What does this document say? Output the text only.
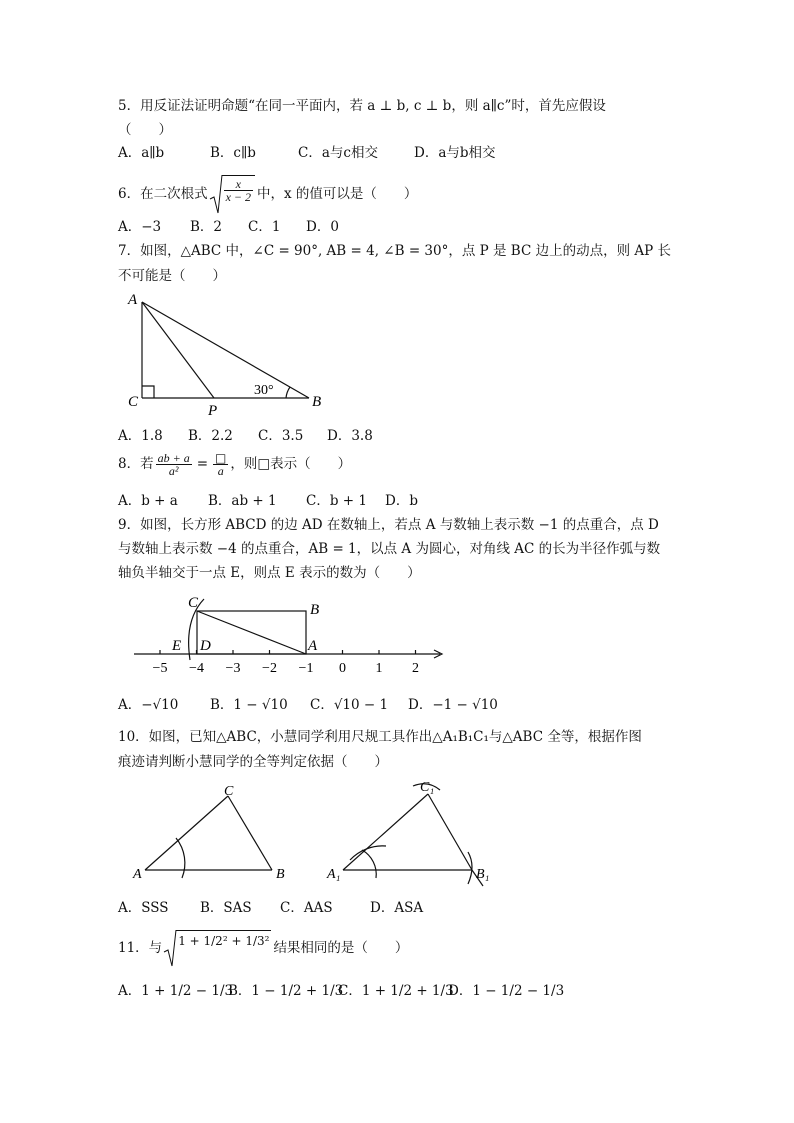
5．用反证法证明命题“在同一平面内，若 a ⊥ b, c ⊥ b，则 a∥c”时，首先应假设
（　　）
A．a∥b	B．c∥b	C．a与c相交	D．a与b相交
6．在二次根式 $\frac{x}{x - 2}$ 中，x 的值可以是（　　）
A．−3 B．2 C．1 D．0
7．如图，△ABC 中，∠C = 90°, AB = 4, ∠B = 30°，点 P 是 BC 边上的动点，则 AP 长
不可能是（　　）
A
C
P
B
30°
A．1.8 B．2.2 C．3.5 D．3.8
8．若 $\frac{ab + a}{\text{a²}} = \frac{□}{a}$ ，则□表示（　　）
A．b + a B．ab + 1 C．b + 1 D．b
9．如图，长方形 ABCD 的边 AD 在数轴上，若点 A 与数轴上表示数 −1 的点重合，点 D
与数轴上表示数 −4 的点重合，AB = 1，以点 A 为圆心，对角线 AC 的长为半径作弧与数
轴负半轴交于一点 E，则点 E 表示的数为（　　）
−5 −4 −3 −2 −1 0 1 2
C	B
E D	A
A．−√10 B．1 − √10 C．√10 − 1 D．−1 − √10
10．如图，已知△ABC，小慧同学利用尺规工具作出△A₁B₁C₁与△ABC 全等，根据作图
痕迹请判断小慧同学的全等判定依据（　　）
A	B
C
A₁	B₁
C₁
A．SSS B．SAS C．AAS	D．ASA
11．与 1 + 1/2² + 1/3² 结果相同的是（　　）
A．1 + 1/2 − 1/3
B．1 − 1/2 + 1/3
C．1 + 1/2 + 1/3
D．1 − 1/2 − 1/3
